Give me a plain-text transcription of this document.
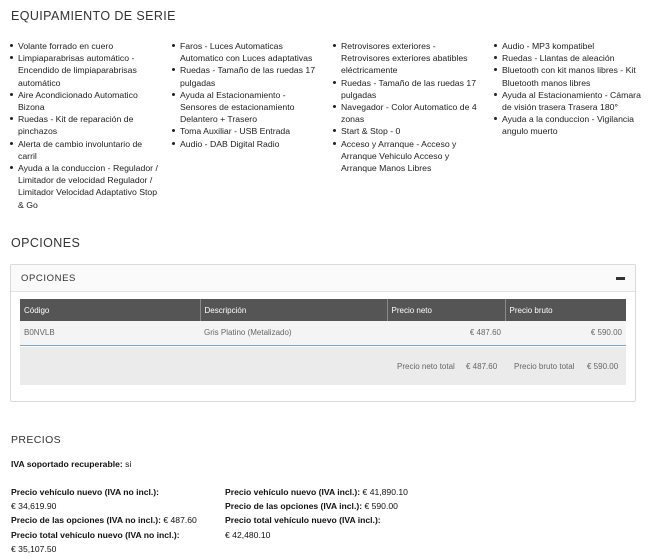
EQUIPAMIENTO DE SERIE
Volante forrado en cuero
Limpiaparabrisas automático - Encendido de limpiaparabrisas automático
Aire Acondicionado Automatico Bizona
Ruedas - Kit de reparación de pinchazos
Alerta de cambio involuntario de carril
Ayuda a la conduccion - Regulador / Limitador de velocidad Regulador / Limitador Velocidad Adaptativo Stop & Go
Faros - Luces Automaticas Automatico con Luces adaptativas
Ruedas - Tamaño de las ruedas 17 pulgadas
Ayuda al Estacionamiento - Sensores de estacionamiento Delantero + Trasero
Toma Auxiliar - USB Entrada
Audio - DAB Digital Radio
Retrovisores exteriores - Retrovisores exteriores abatibles eléctricamente
Ruedas - Tamaño de las ruedas 17 pulgadas
Navegador - Color Automatico de 4 zonas
Start & Stop - 0
Acceso y Arranque - Acceso y Arranque Vehiculo Acceso y Arranque Manos Libres
Audio - MP3 kompatibel
Ruedas - Llantas de aleación
Bluetooth con kit manos libres - Kit Bluetooth manos libres
Ayuda al Estacionamiento - Cámara de visión trasera Trasera 180°
Ayuda a la conduccion - Vigilancia angulo muerto
OPCIONES
OPCIONES
Código	Descripción	Precio neto	Precio bruto
B0NVLB	Gris Platino (Metalizado)	€ 487.60	€ 590.00
Precio neto total € 487.60 Precio bruto total € 590.00
PRECIOS
IVA soportado recuperable: si
Precio vehículo nuevo (IVA no incl.):
€ 34,619.90
Precio de las opciones (IVA no incl.): € 487.60
Precio total vehículo nuevo (IVA no incl.):
€ 35,107.50
Precio vehículo nuevo (IVA incl.): € 41,890.10
Precio de las opciones (IVA incl.): € 590.00
Precio total vehículo nuevo (IVA incl.):
€ 42,480.10
